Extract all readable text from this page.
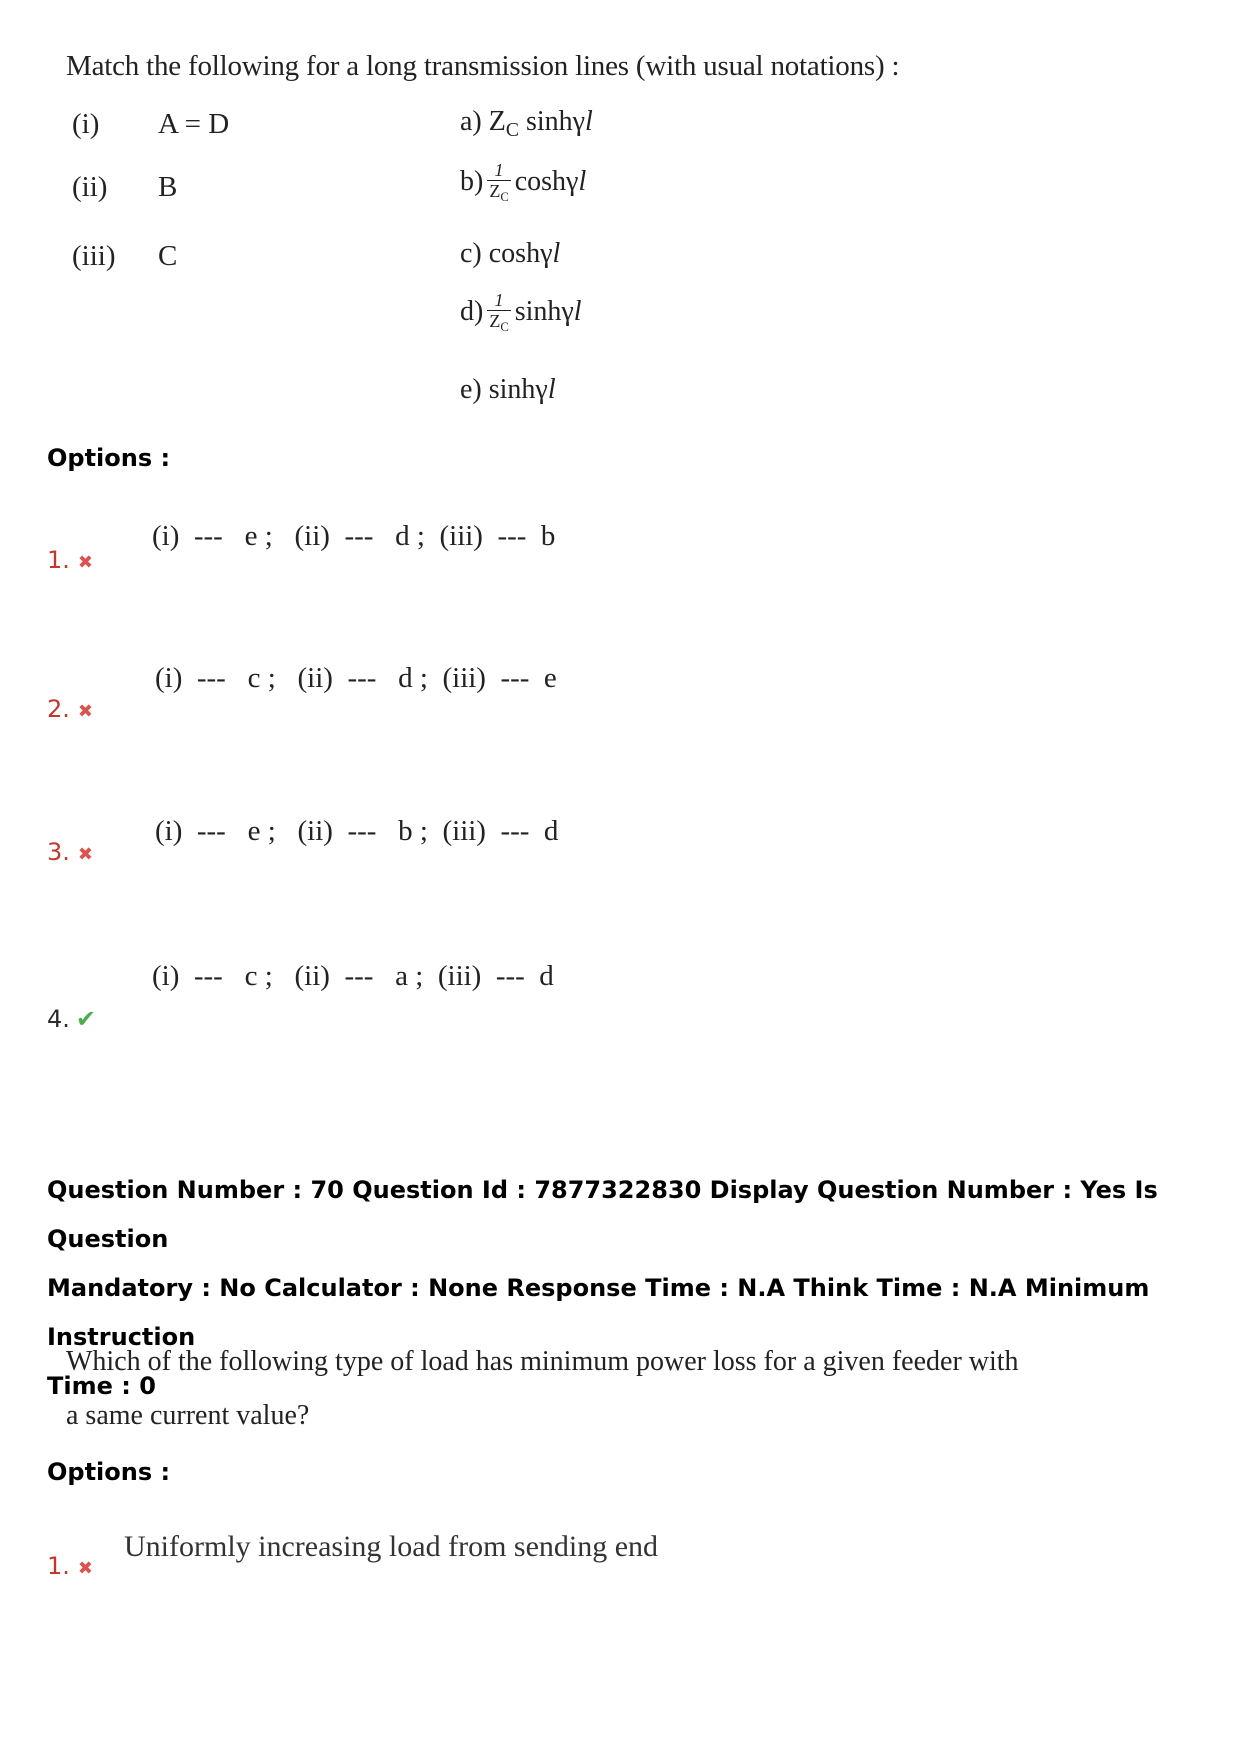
Match the following for a long transmission lines (with usual notations) :
(i) A = D
(ii) B
(iii) C
a) $Z_C$ sinhγl
$b) \frac{1}{Z_C}$ coshγl
c) coshγl
$d) \frac{1}{Z_C}$ sinhγl
e) sinhγl
Options :
1. ✖
(i)  ---   e ;   (ii)  ---   d ;  (iii)  ---  b
2. ✖
(i)  ---   c ;   (ii)  ---   d ;  (iii)  ---  e
3. ✖
(i)  ---   e ;   (ii)  ---   b ;  (iii)  ---  d
4. ✔
(i)  ---   c ;   (ii)  ---   a ;  (iii)  ---  d
Question Number : 70 Question Id : 7877322830 Display Question Number : Yes Is Question
Mandatory : No Calculator : None Response Time : N.A Think Time : N.A Minimum Instruction
Time : 0
Which of the following type of load has minimum power loss for a given feeder with
a same current value?
Options :
1. ✖
Uniformly increasing load from sending end
